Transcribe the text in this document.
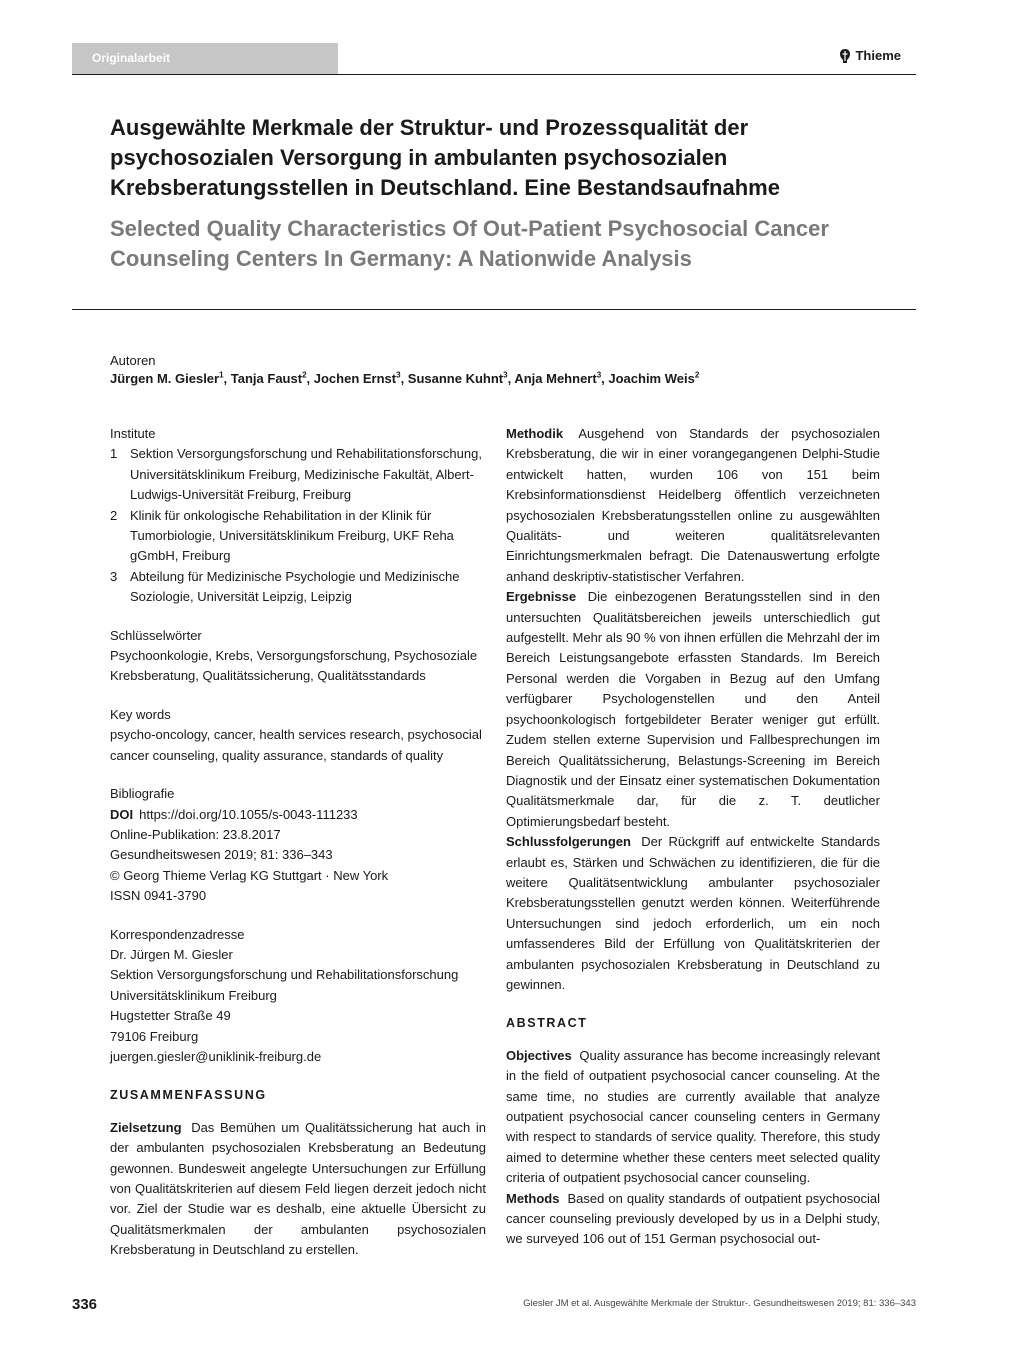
Originalarbeit	Thieme
Ausgewählte Merkmale der Struktur- und Prozessqualität der psychosozialen Versorgung in ambulanten psychosozialen Krebsberatungsstellen in Deutschland. Eine Bestandsaufnahme
Selected Quality Characteristics Of Out-Patient Psychosocial Cancer Counseling Centers In Germany: A Nationwide Analysis
Autoren
Jürgen M. Giesler$^1$, Tanja Faust$^2$, Jochen Ernst$^3$, Susanne Kuhnt$^3$, Anja Mehnert$^3$, Joachim Weis$^2$
Institute
1 Sektion Versorgungsforschung und Rehabilitationsforschung, Universitätsklinikum Freiburg, Medizinische Fakultät, Albert-Ludwigs-Universität Freiburg, Freiburg
2 Klinik für onkologische Rehabilitation in der Klinik für Tumorbiologie, Universitätsklinikum Freiburg, UKF Reha gGmbH, Freiburg
3 Abteilung für Medizinische Psychologie und Medizinische Soziologie, Universität Leipzig, Leipzig
Schlüsselwörter
Psychoonkologie, Krebs, Versorgungsforschung, Psychosoziale Krebsberatung, Qualitätssicherung, Qualitätsstandards
Key words
psycho-oncology, cancer, health services research, psychosocial cancer counseling, quality assurance, standards of quality
Bibliografie
DOI https://doi.org/10.1055/s-0043-111233
Online-Publikation: 23.8.2017
Gesundheitswesen 2019; 81: 336–343
© Georg Thieme Verlag KG Stuttgart · New York
ISSN 0941-3790
Korrespondenzadresse
Dr. Jürgen M. Giesler
Sektion Versorgungsforschung und Rehabilitationsforschung
Universitätsklinikum Freiburg
Hugstetter Straße 49
79106 Freiburg
juergen.giesler@uniklinik-freiburg.de
ZUSAMMENFASSUNG

Zielsetzung Das Bemühen um Qualitätssicherung hat auch in der ambulanten psychosozialen Krebsberatung an Bedeutung gewonnen. Bundesweit angelegte Untersuchungen zur Erfüllung von Qualitätskriterien auf diesem Feld liegen derzeit jedoch nicht vor. Ziel der Studie war es deshalb, eine aktuelle Übersicht zu Qualitätsmerkmalen der ambulanten psychosozialen Krebsberatung in Deutschland zu erstellen.

Methodik Ausgehend von Standards der psychosozialen Krebsberatung, die wir in einer vorangegangenen Delphi-Studie entwickelt hatten, wurden 106 von 151 beim Krebsinformationsdienst Heidelberg öffentlich verzeichneten psychosozialen Krebsberatungsstellen online zu ausgewählten Qualitäts- und weiteren qualitätsrelevanten Einrichtungsmerkmalen befragt. Die Datenauswertung erfolgte anhand deskriptiv-statistischer Verfahren.

Ergebnisse Die einbezogenen Beratungsstellen sind in den untersuchten Qualitätsbereichen jeweils unterschiedlich gut aufgestellt. Mehr als 90 % von ihnen erfüllen die Mehrzahl der im Bereich Leistungsangebote erfassten Standards. Im Bereich Personal werden die Vorgaben in Bezug auf den Umfang verfügbarer Psychologenstellen und den Anteil psychoonkologisch fortgebildeter Berater weniger gut erfüllt. Zudem stellen externe Supervision und Fallbesprechungen im Bereich Qualitätssicherung, Belastungs-Screening im Bereich Diagnostik und der Einsatz einer systematischen Dokumentation Qualitätsmerkmale dar, für die z. T. deutlicher Optimierungsbedarf besteht.

Schlussfolgerungen Der Rückgriff auf entwickelte Standards erlaubt es, Stärken und Schwächen zu identifizieren, die für die weitere Qualitätsentwicklung ambulanter psychosozialer Krebsberatungsstellen genutzt werden können. Weiterführende Untersuchungen sind jedoch erforderlich, um ein noch umfassenderes Bild der Erfüllung von Qualitätskriterien der ambulanten psychosozialen Krebsberatung in Deutschland zu gewinnen.

ABSTRACT

Objectives Quality assurance has become increasingly relevant in the field of outpatient psychosocial cancer counseling. At the same time, no studies are currently available that analyze outpatient psychosocial cancer counseling centers in Germany with respect to standards of service quality. Therefore, this study aimed to determine whether these centers meet selected quality criteria of outpatient psychosocial cancer counseling.

Methods Based on quality standards of outpatient psychosocial cancer counseling previously developed by us in a Delphi study, we surveyed 106 out of 151 German psychosocial out-

336	Giesler JM et al. Ausgewählte Merkmale der Struktur-. Gesundheitswesen 2019; 81: 336–343
